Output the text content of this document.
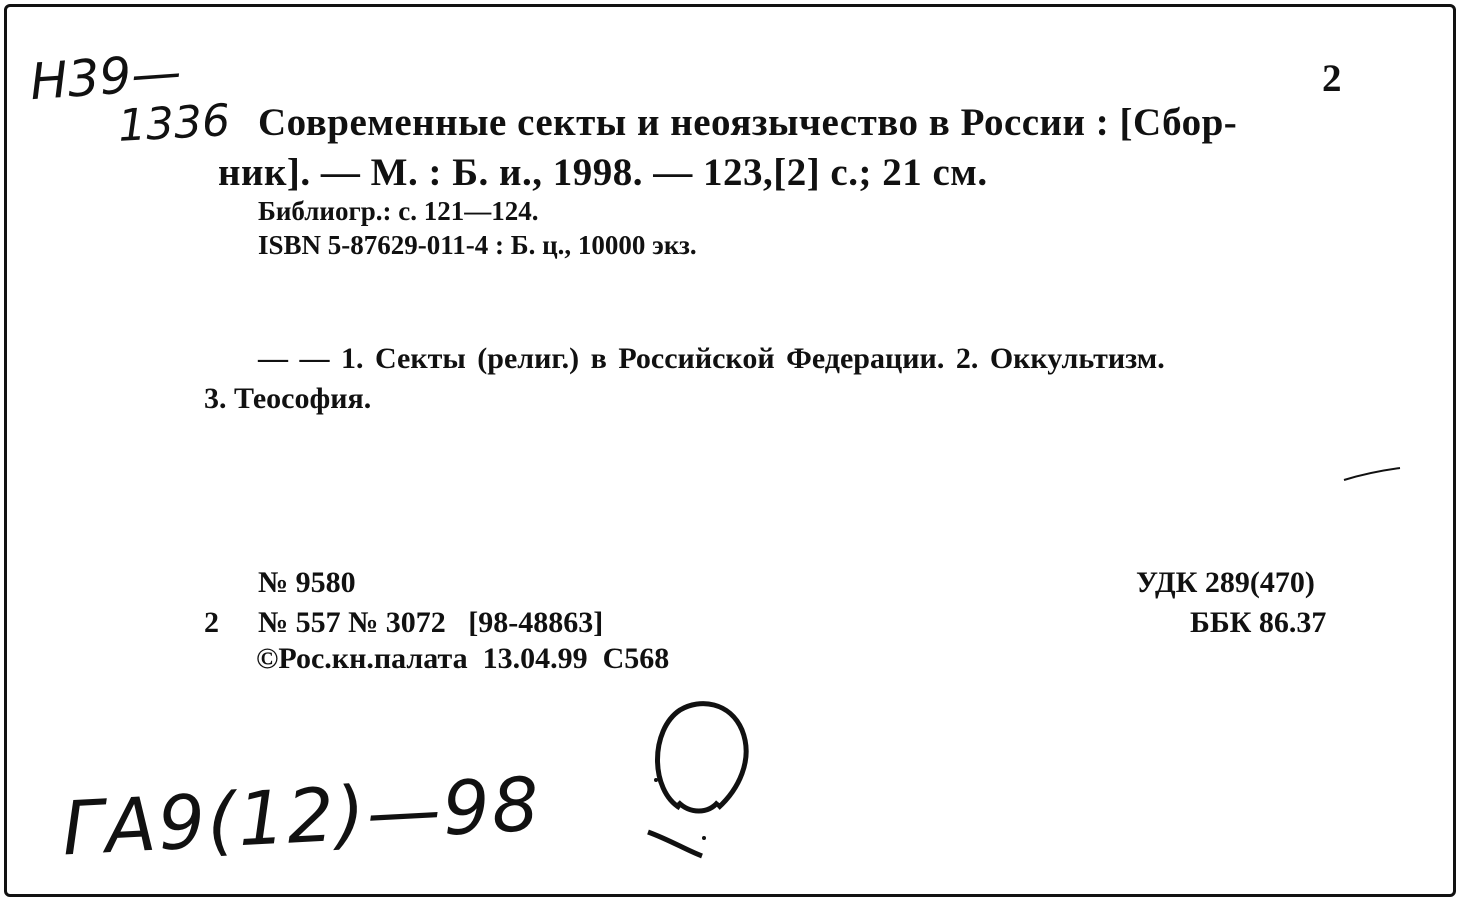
Н39—
1336
2
Современные секты и неоязычество в России : [Сбор-
ник]. — М. : Б. и., 1998. — 123,[2] с.; 21 см.
Библиогр.: с. 121—124.
ISBN 5-87629-011-4 : Б. ц., 10000 экз.
— — 1. Секты (религ.) в Российской Федерации. 2. Оккультизм.
3. Теософия.
№ 9580
2 № 557 № 3072   [98-48863]
©Рос.кн.палата  13.04.99  С568
УДК 289(470)
ББК 86.37
ГА9(12)—98
